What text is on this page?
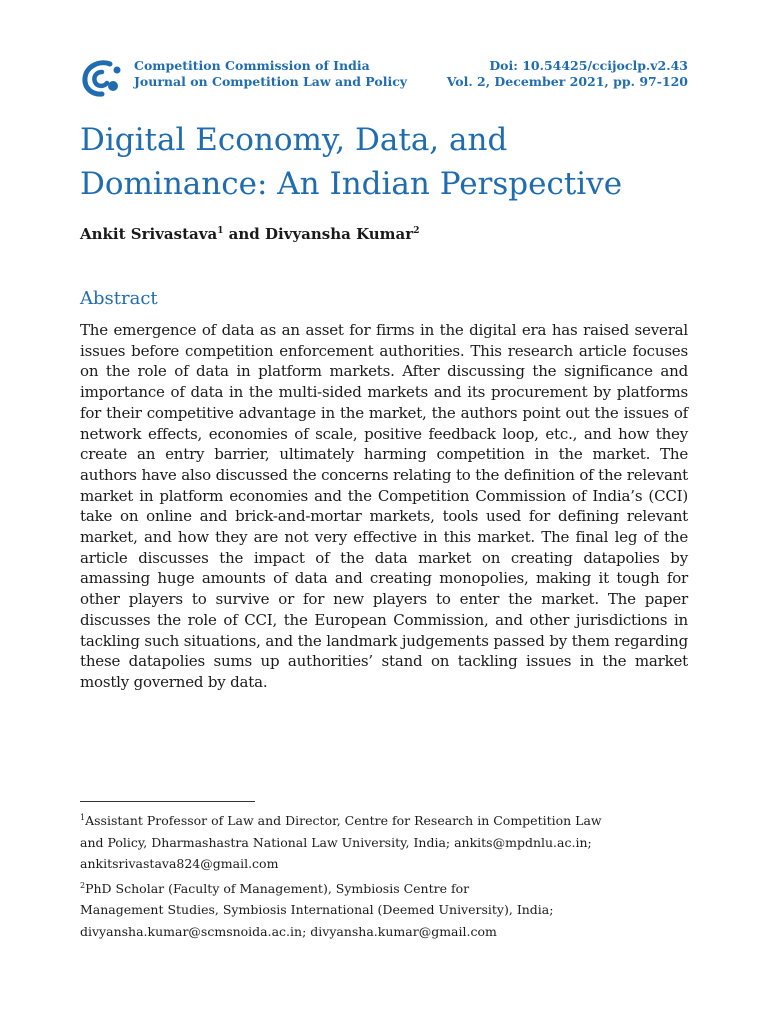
Competition Commission of India
Journal on Competition Law and Policy
Doi: 10.54425/ccijoclp.v2.43
Vol. 2, December 2021, pp. 97-120
Digital Economy, Data, and Dominance: An Indian Perspective
Ankit Srivastava$^1$ and Divyansha Kumar$^2$
Abstract

The emergence of data as an asset for firms in the digital era has raised several issues before competition enforcement authorities. This research article focuses on the role of data in platform markets. After discussing the significance and importance of data in the multi-sided markets and its procurement by platforms for their competitive advantage in the market, the authors point out the issues of network effects, economies of scale, positive feedback loop, etc., and how they create an entry barrier, ultimately harming competition in the market. The authors have also discussed the concerns relating to the definition of the relevant market in platform economies and the Competition Commission of India’s (CCI) take on online and brick-and-mortar markets, tools used for defining relevant market, and how they are not very effective in this market. The final leg of the article discusses the impact of the data market on creating datapolies by amassing huge amounts of data and creating monopolies, making it tough for other players to survive or for new players to enter the market. The paper discusses the role of CCI, the European Commission, and other jurisdictions in tackling such situations, and the landmark judgements passed by them regarding these datapolies sums up authorities’ stand on tackling issues in the market mostly governed by data.

$^1$Assistant Professor of Law and Director, Centre for Research in Competition Law

and Policy, Dharmashastra National Law University, India; ankits@mpdnlu.ac.in;

ankitsrivastava824@gmail.com

$^2$PhD Scholar (Faculty of Management), Symbiosis Centre for

Management Studies, Symbiosis International (Deemed University), India;

divyansha.kumar@scmsnoida.ac.in; divyansha.kumar@gmail.com
